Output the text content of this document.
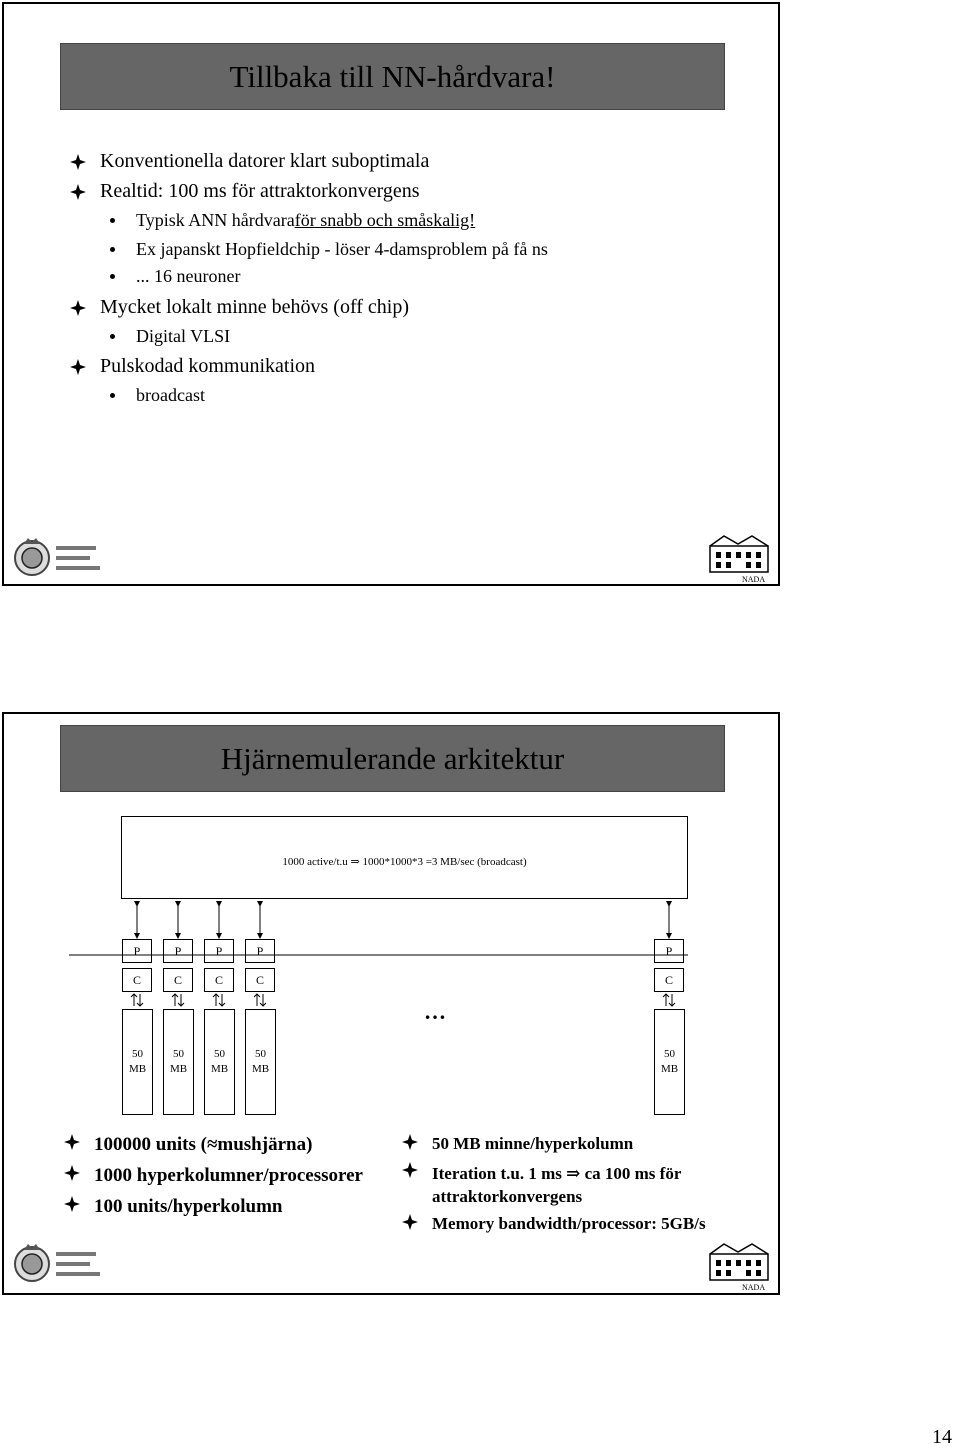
Tillbaka till NN-hårdvara!
Konventionella datorer klart suboptimala
Realtid: 100 ms för attraktorkonvergens
Typisk ANN hårdvara för snabb och småskalig!
Ex japanskt Hopfieldchip - löser 4-damsproblem på få ns
... 16 neuroner
Mycket lokalt minne behövs (off chip)
Digital VLSI
Pulskodad kommunikation
broadcast
NADA
Hjärnemulerande arkitektur
1000 active/t.u ⇒ 1000*1000*3 =3 MB/sec (broadcast)
P
C
50
MB
P
C
50
MB
P
C
50
MB
P
C
50
MB
…
P
C
50
MB
100000 units (≈mushjärna)
1000 hyperkolumner/processorer
100 units/hyperkolumn
50 MB minne/hyperkolumn
Iteration t.u. 1 ms ⇒ ca 100 ms för
attraktorkonvergens
Memory bandwidth/processor: 5GB/s
NADA
14
